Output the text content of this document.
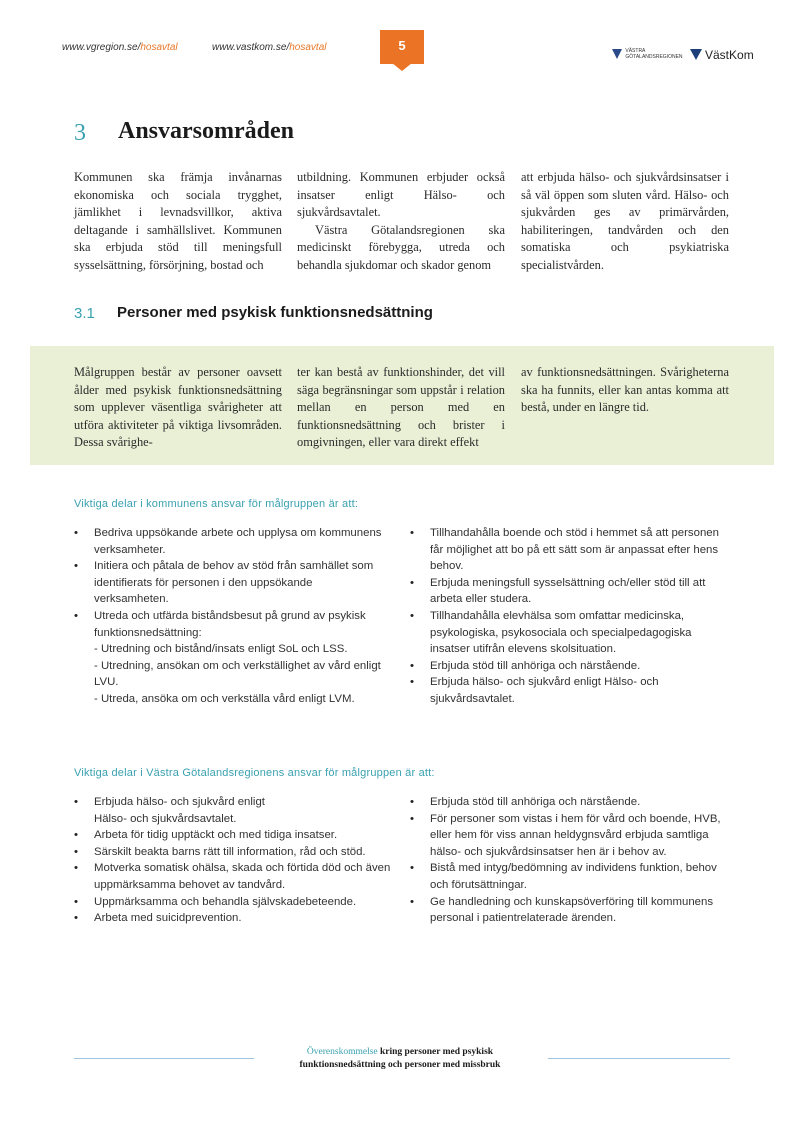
www.vgregion.se/hosavtal	www.vastkom.se/hosavtal	5	VÄSTRA
GÖTALANDSREGIONEN	VästKom
3 Ansvarsområden

Kommunen ska främja invånarnas ekonomiska och sociala trygghet, jämlikhet i levnadsvillkor, aktiva deltagande i samhällslivet. Kommunen ska erbjuda stöd till meningsfull sysselsättning, försörjning, bostad och

utbildning. Kommunen erbjuder också insatser enligt Hälso- och sjukvårdsavtalet.

Västra Götalandsregionen ska medicinskt förebygga, utreda och behandla sjukdomar och skador genom

att erbjuda hälso- och sjukvårdsinsatser i så väl öppen som sluten vård. Hälso- och sjukvården ges av primärvården, habiliteringen, tandvården och den somatiska och psykiatriska specialistvården.

3.1 Personer med psykisk funktionsnedsättning

Målgruppen består av personer oavsett ålder med psykisk funktionsnedsättning som upplever väsentliga svårigheter att utföra aktiviteter på viktiga livsområden. Dessa svårighe-

ter kan bestå av funktionshinder, det vill säga begränsningar som uppstår i relation mellan en person med en funktionsnedsättning och brister i omgivningen, eller vara direkt effekt

av funktionsnedsättningen. Svårigheterna ska ha funnits, eller kan antas komma att bestå, under en längre tid.

Viktiga delar i kommunens ansvar för målgruppen är att:
• Bedriva uppsökande arbete och upplysa om kommunens verksamheter.
• Initiera och påtala de behov av stöd från samhället som identifierats för personen i den uppsökande verksamheten.
• Utreda och utfärda biståndsbesut på grund av psykisk funktionsnedsättning:
- Utredning och bistånd/insats enligt SoL och LSS.
- Utredning, ansökan om och verkställighet av vård enligt LVU.
- Utreda, ansöka om och verkställa vård enligt LVM.
• Tillhandahålla boende och stöd i hemmet så att personen får möjlighet att bo på ett sätt som är anpassat efter hens behov.
• Erbjuda meningsfull sysselsättning och/eller stöd till att arbeta eller studera.
• Tillhandahålla elevhälsa som omfattar medicinska, psykologiska, psykosociala och specialpedagogiska insatser utifrån elevens skolsituation.
• Erbjuda stöd till anhöriga och närstående.
• Erbjuda hälso- och sjukvård enligt Hälso- och sjukvårdsavtalet.
Viktiga delar i Västra Götalandsregionens ansvar för målgruppen är att:
• Erbjuda hälso- och sjukvård enligt Hälso- och sjukvårdsavtalet.
• Arbeta för tidig upptäckt och med tidiga insatser.
• Särskilt beakta barns rätt till information, råd och stöd.
• Motverka somatisk ohälsa, skada och förtida död och även uppmärksamma behovet av tandvård.
• Uppmärksamma och behandla självskadebeteende.
• Arbeta med suicidprevention.
• Erbjuda stöd till anhöriga och närstående.
• För personer som vistas i hem för vård och boende, HVB, eller hem för viss annan heldygnsvård erbjuda samtliga hälso- och sjukvårdsinsatser hen är i behov av.
• Bistå med intyg/bedömning av individens funktion, behov och förutsättningar.
• Ge handledning och kunskapsöverföring till kommunens personal i patientrelaterade ärenden.
Överenskommelse kring personer med psykisk
funktionsnedsättning och personer med missbruk
